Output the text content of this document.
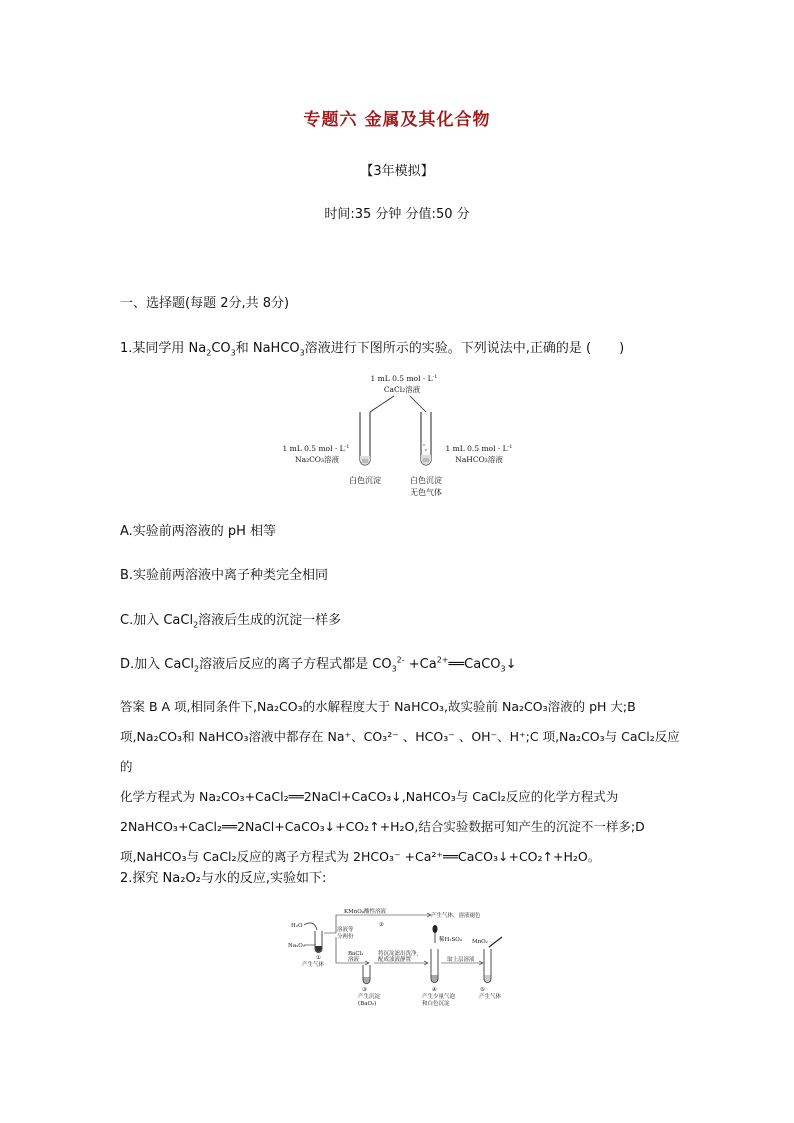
专题六 金属及其化合物
【3年模拟】
时间:35 分钟 分值:50 分
一、选择题(每题 2分,共 8分)
1.某同学用 $Na_2CO_3$和 NaHCO$_3$溶液进行下图所示的实验。下列说法中,正确的是 ( )
1 mL 0.5 mol · $L^{-1}$
CaCl₂溶液
1 mL 0.5 mol · $L^{-1}$
Na₂CO₃溶液
1 mL 0.5 mol · $L^{-1}$
NaHCO₃溶液
白色沉淀	白色沉淀
无色气体
A.实验前两溶液的 pH 相等
B.实验前两溶液中离子种类完全相同
C.加入 CaCl$_2$溶液后生成的沉淀一样多
D.加入 CaCl$_2$溶液后反应的离子方程式都是 $CO_3^{2-}$ $+Ca^{2+}══CaCO_3↓$
答案 B A 项,相同条件下,Na₂CO₃的水解程度大于 NaHCO₃,故实验前 Na₂CO₃溶液的 pH 大;B
项,Na₂CO₃和 NaHCO₃溶液中都存在 Na⁺、CO₃²⁻ 、HCO₃⁻ 、OH⁻、H⁺;C 项,Na₂CO₃与 CaCl₂反应的
化学方程式为 Na₂CO₃+CaCl₂══2NaCl+CaCO₃↓,NaHCO₃与 CaCl₂反应的化学方程式为
2NaHCO₃+CaCl₂══2NaCl+CaCO₃↓+CO₂↑+H₂O,结合实验数据可知产生的沉淀不一样多;D
项,NaHCO₃与 CaCl₂反应的离子方程式为 2HCO₃⁻ +Ca²⁺══CaCO₃↓+CO₂↑+H₂O。
2.探究 Na₂O₂与水的反应,实验如下:
H₂O
Na₂O₂
①
产生气体
溶液等
分两份
KMnO₄酸性溶液
②
产生气体，溶液褪色
BaCl₂
溶液
③
产生沉淀
(BaO₂)
将沉淀滤出洗净,
配成浊液静置
稀H₂SO₄
④
产生少量气泡
和白色沉淀
取上层溶液
MnO₂
⑤
产生气体
